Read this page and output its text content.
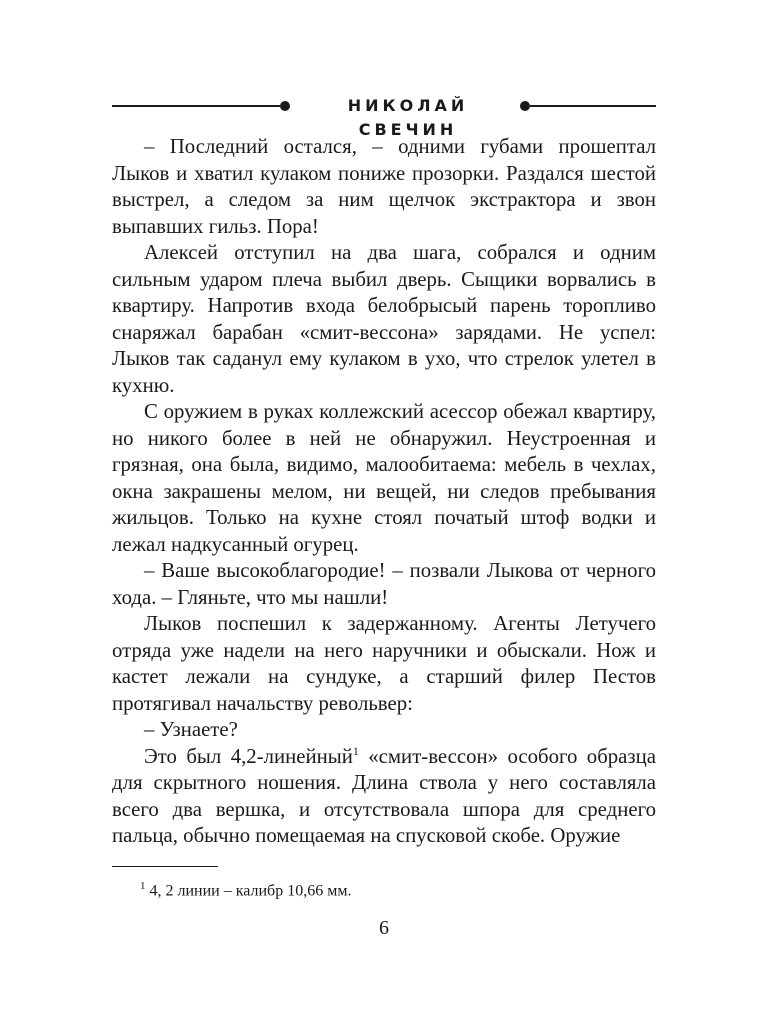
НИКОЛАЙ СВЕЧИН

– Последний остался, – одними губами прошептал Лыков и хватил кулаком пониже прозорки. Раздался шестой выстрел, а следом за ним щелчок экстрактора и звон выпавших гильз. Пора!

Алексей отступил на два шага, собрался и одним сильным ударом плеча выбил дверь. Сыщики ворвались в квартиру. Напротив входа белобрысый парень торопливо снаряжал барабан «смит-вессона» зарядами. Не успел: Лыков так саданул ему кулаком в ухо, что стрелок улетел в кухню.

С оружием в руках коллежский асессор обежал квартиру, но никого более в ней не обнаружил. Неустроенная и грязная, она была, видимо, малообитаема: мебель в чехлах, окна закрашены мелом, ни вещей, ни следов пребывания жильцов. Только на кухне стоял початый штоф водки и лежал надкусанный огурец.

– Ваше высокоблагородие! – позвали Лыкова от черного хода. – Гляньте, что мы нашли!

Лыков поспешил к задержанному. Агенты Летучего отряда уже надели на него наручники и обыскали. Нож и кастет лежали на сундуке, а старший филер Пестов протягивал начальству револьвер:

– Узнаете?

Это был 4,2-линейный$^1$ «смит-вессон» особого образца для скрытного ношения. Длина ствола у него составляла всего два вершка, и отсутствовала шпора для среднего пальца, обычно помещаемая на спусковой скобе. Оружие

$^1$ 4, 2 линии – калибр 10,66 мм.
6
